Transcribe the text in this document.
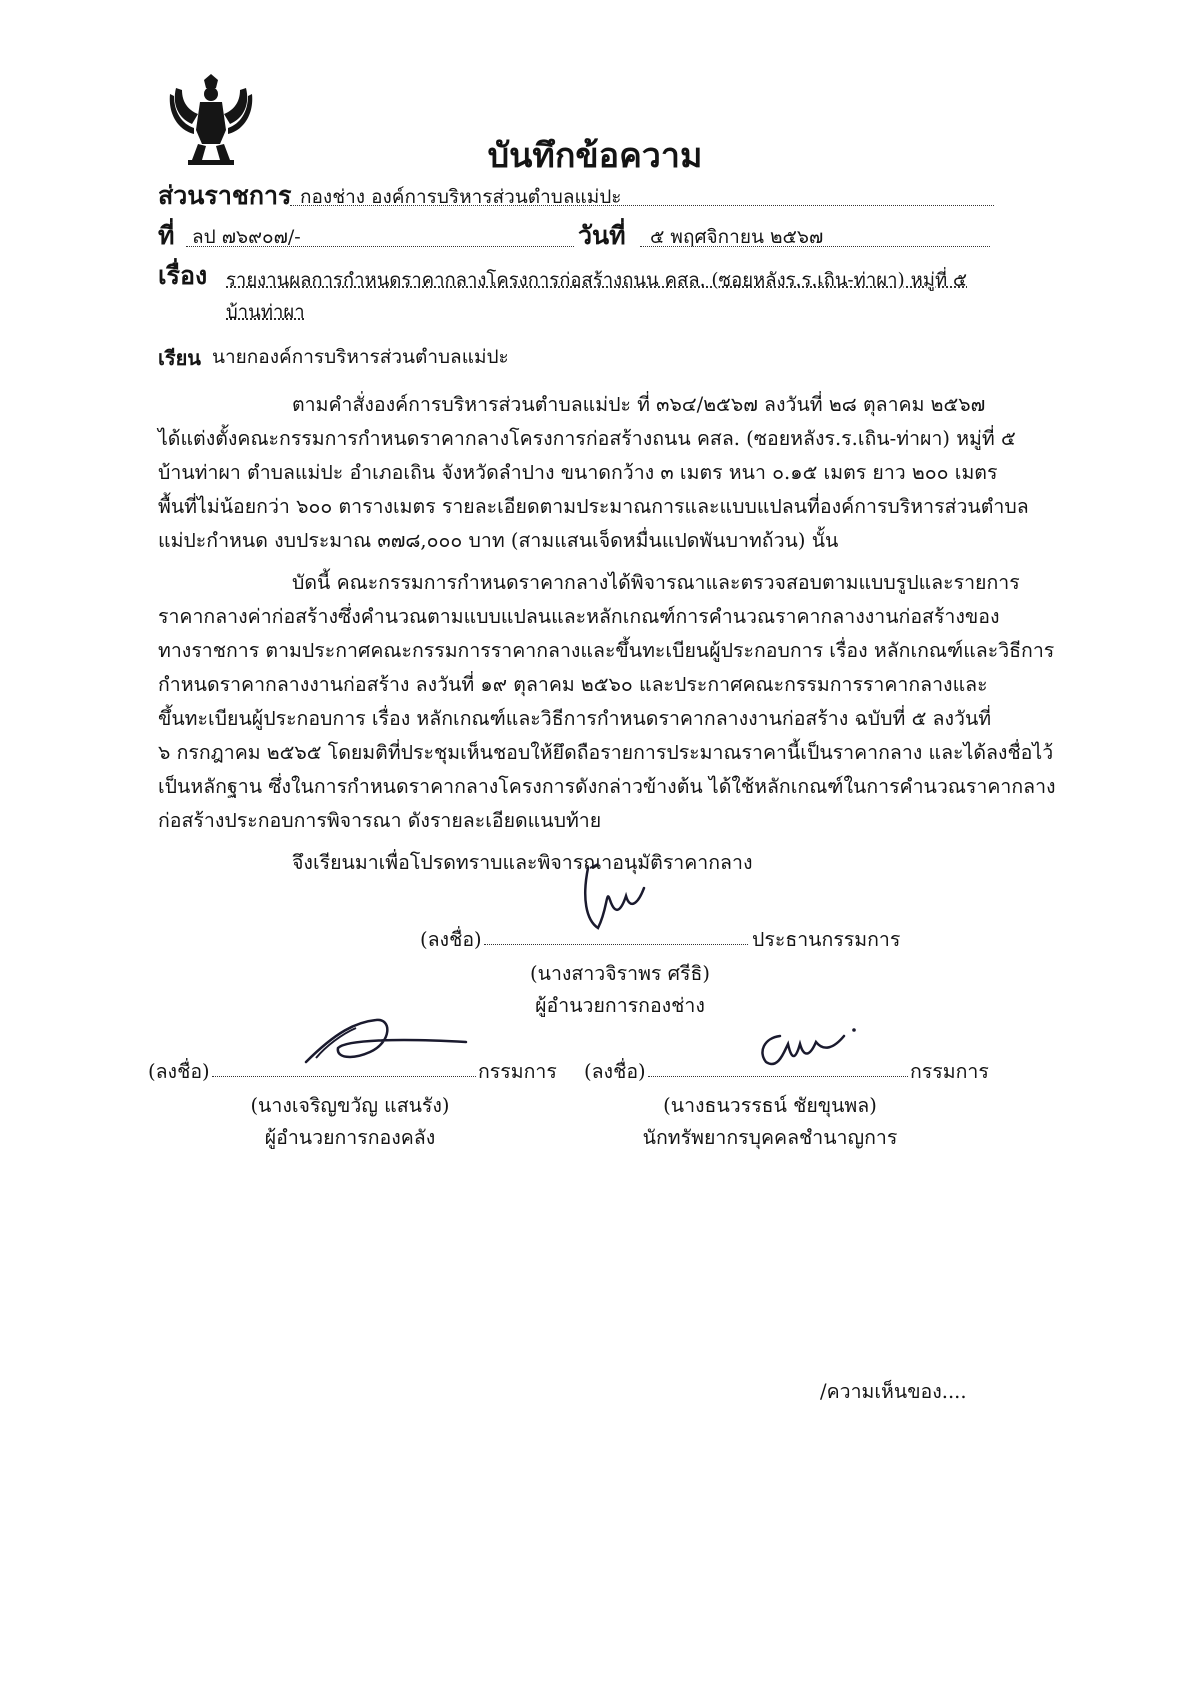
บันทึกข้อความ
ส่วนราชการ กองช่าง องค์การบริหารส่วนตำบลแม่ปะ
ที่ ลป ๗๖๙๐๗/-	วันที่ ๕ พฤศจิกายน ๒๕๖๗
เรื่อง รายงานผลการกำหนดราคากลางโครงการก่อสร้างถนน คสล. (ซอยหลังร.ร.เถิน-ท่าผา) หมู่ที่ ๕
บ้านท่าผา
เรียน นายกองค์การบริหารส่วนตำบลแม่ปะ
ตามคำสั่งองค์การบริหารส่วนตำบลแม่ปะ ที่ ๓๖๔/๒๕๖๗ ลงวันที่ ๒๘ ตุลาคม ๒๕๖๗
ได้แต่งตั้งคณะกรรมการกำหนดราคากลางโครงการก่อสร้างถนน คสล. (ซอยหลังร.ร.เถิน-ท่าผา) หมู่ที่ ๕
บ้านท่าผา ตำบลแม่ปะ อำเภอเถิน จังหวัดลำปาง ขนาดกว้าง ๓ เมตร หนา ๐.๑๕ เมตร ยาว ๒๐๐ เมตร
พื้นที่ไม่น้อยกว่า ๖๐๐ ตารางเมตร รายละเอียดตามประมาณการและแบบแปลนที่องค์การบริหารส่วนตำบล
แม่ปะกำหนด งบประมาณ ๓๗๘,๐๐๐ บาท (สามแสนเจ็ดหมื่นแปดพันบาทถ้วน) นั้น
บัดนี้ คณะกรรมการกำหนดราคากลางได้พิจารณาและตรวจสอบตามแบบรูปและรายการ
ราคากลางค่าก่อสร้างซึ่งคำนวณตามแบบแปลนและหลักเกณฑ์การคำนวณราคากลางงานก่อสร้างของ
ทางราชการ ตามประกาศคณะกรรมการราคากลางและขึ้นทะเบียนผู้ประกอบการ เรื่อง หลักเกณฑ์และวิธีการ
กำหนดราคากลางงานก่อสร้าง ลงวันที่ ๑๙ ตุลาคม ๒๕๖๐ และประกาศคณะกรรมการราคากลางและ
ขึ้นทะเบียนผู้ประกอบการ เรื่อง หลักเกณฑ์และวิธีการกำหนดราคากลางงานก่อสร้าง ฉบับที่ ๕ ลงวันที่
๖ กรกฎาคม ๒๕๖๕ โดยมติที่ประชุมเห็นชอบให้ยึดถือรายการประมาณราคานี้เป็นราคากลาง และได้ลงชื่อไว้
เป็นหลักฐาน ซึ่งในการกำหนดราคากลางโครงการดังกล่าวข้างต้น ได้ใช้หลักเกณฑ์ในการคำนวณราคากลาง
ก่อสร้างประกอบการพิจารณา ดังรายละเอียดแนบท้าย
จึงเรียนมาเพื่อโปรดทราบและพิจารณาอนุมัติราคากลาง
(ลงชื่อ)	ประธานกรรมการ
(นางสาวจิราพร ศรีธิ)
ผู้อำนวยการกองช่าง
(ลงชื่อ)	กรรมการ
(นางเจริญขวัญ แสนรัง)
ผู้อำนวยการกองคลัง
(ลงชื่อ)	กรรมการ
(นางธนวรรธน์ ชัยขุนพล)
นักทรัพยากรบุคคลชำนาญการ
/ความเห็นของ....
